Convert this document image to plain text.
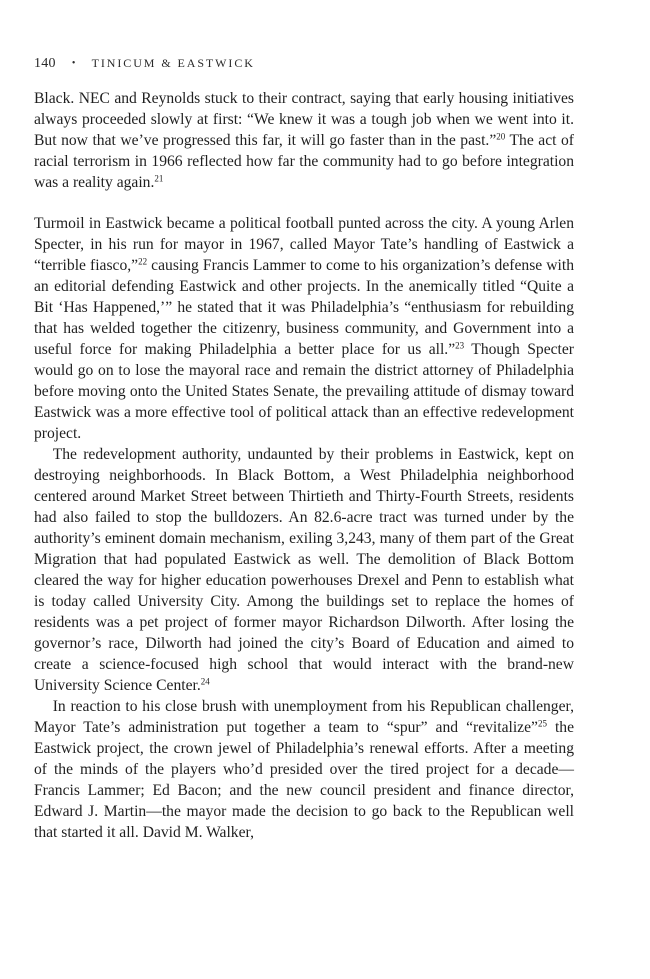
140 • TINICUM & EASTWICK

Black. NEC and Reynolds stuck to their contract, saying that early housing initiatives always proceeded slowly at first: “We knew it was a tough job when we went into it. But now that we’ve progressed this far, it will go faster than in the past.”$^{20}$ The act of racial terrorism in 1966 reflected how far the community had to go before integration was a reality again.$^{21}$

Turmoil in Eastwick became a political football punted across the city. A young Arlen Specter, in his run for mayor in 1967, called Mayor Tate’s handling of Eastwick a “terrible fiasco,”$^{22}$ causing Francis Lammer to come to his organization’s defense with an editorial defending Eastwick and other projects. In the anemically titled “Quite a Bit ‘Has Happened,’” he stated that it was Philadelphia’s “enthusiasm for rebuilding that has welded together the citizenry, business community, and Government into a useful force for making Philadelphia a better place for us all.”$^{23}$ Though Specter would go on to lose the mayoral race and remain the district attorney of Philadelphia before moving onto the United States Senate, the prevailing attitude of dismay toward Eastwick was a more effective tool of political attack than an effective redevelopment project.

The redevelopment authority, undaunted by their problems in Eastwick, kept on destroying neighborhoods. In Black Bottom, a West Philadelphia neighborhood centered around Market Street between Thirtieth and Thirty-Fourth Streets, residents had also failed to stop the bulldozers. An 82.6-acre tract was turned under by the authority’s eminent domain mechanism, exiling 3,243, many of them part of the Great Migration that had populated Eastwick as well. The demolition of Black Bottom cleared the way for higher education powerhouses Drexel and Penn to establish what is today called University City. Among the buildings set to replace the homes of residents was a pet project of former mayor Richardson Dilworth. After losing the governor’s race, Dilworth had joined the city’s Board of Education and aimed to create a science-focused high school that would interact with the brand-new University Science Center.$^{24}$

In reaction to his close brush with unemployment from his Republican challenger, Mayor Tate’s administration put together a team to “spur” and “revitalize”$^{25}$ the Eastwick project, the crown jewel of Philadelphia’s renewal efforts. After a meeting of the minds of the players who’d presided over the tired project for a decade—Francis Lammer; Ed Bacon; and the new council president and finance director, Edward J. Martin—the mayor made the decision to go back to the Republican well that started it all. David M. Walker,
